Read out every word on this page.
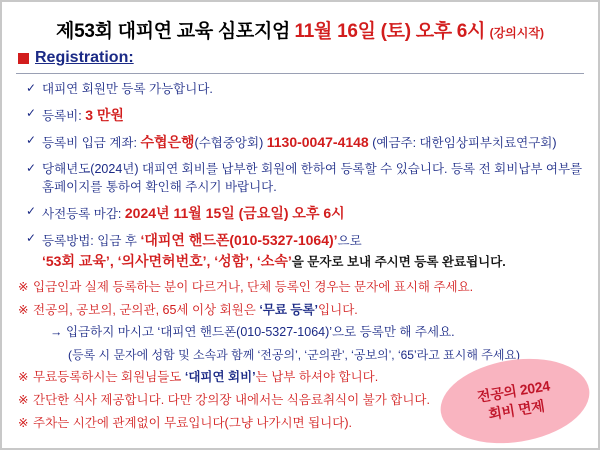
제53회 대피연 교육 심포지엄 11월 16일 (토) 오후 6시 (강의시작)
Registration:
✓ 대피연 회원만 등록 가능합니다.
✓ 등록비: 3 만원
✓ 등록비 입금 계좌: 수협은행(수협중앙회) 1130-0047-4148 (예금주: 대한임상피부치료연구회)
✓ 당해년도(2024년) 대피연 회비를 납부한 회원에 한하여 등록할 수 있습니다. 등록 전 회비납부 여부를 홈페이지를 통하여 확인해 주시기 바랍니다.
✓ 사전등록 마감: 2024년 11월 15일 (금요일) 오후 6시
✓ 등록방법: 입금 후 ‘대피연 핸드폰(010-5327-1064)’으로
‘53회 교육’, ‘의사면허번호’, ‘성함’, ‘소속’을 문자로 보내 주시면 등록 완료됩니다.
※ 입금인과 실제 등록하는 분이 다르거나, 단체 등록인 경우는 문자에 표시해 주세요.
※ 전공의, 공보의, 군의관, 65세 이상 회원은 ‘무료 등록’입니다.
→ 입금하지 마시고 ‘대피연 핸드폰(010-5327-1064)’으로 등록만 해 주세요.
(등록 시 문자에 성함 및 소속과 함께 ‘전공의’, ‘군의관’, ‘공보의’, ‘65’라고 표시해 주세요)
※ 무료등록하시는 회원님들도 ‘대피연 회비’는 납부 하셔야 합니다.
※ 간단한 식사 제공합니다. 다만 강의장 내에서는 식음료취식이 불가 합니다.
※ 주차는 시간에 관계없이 무료입니다(그냥 나가시면 됩니다).
전공의 2024
회비 면제
